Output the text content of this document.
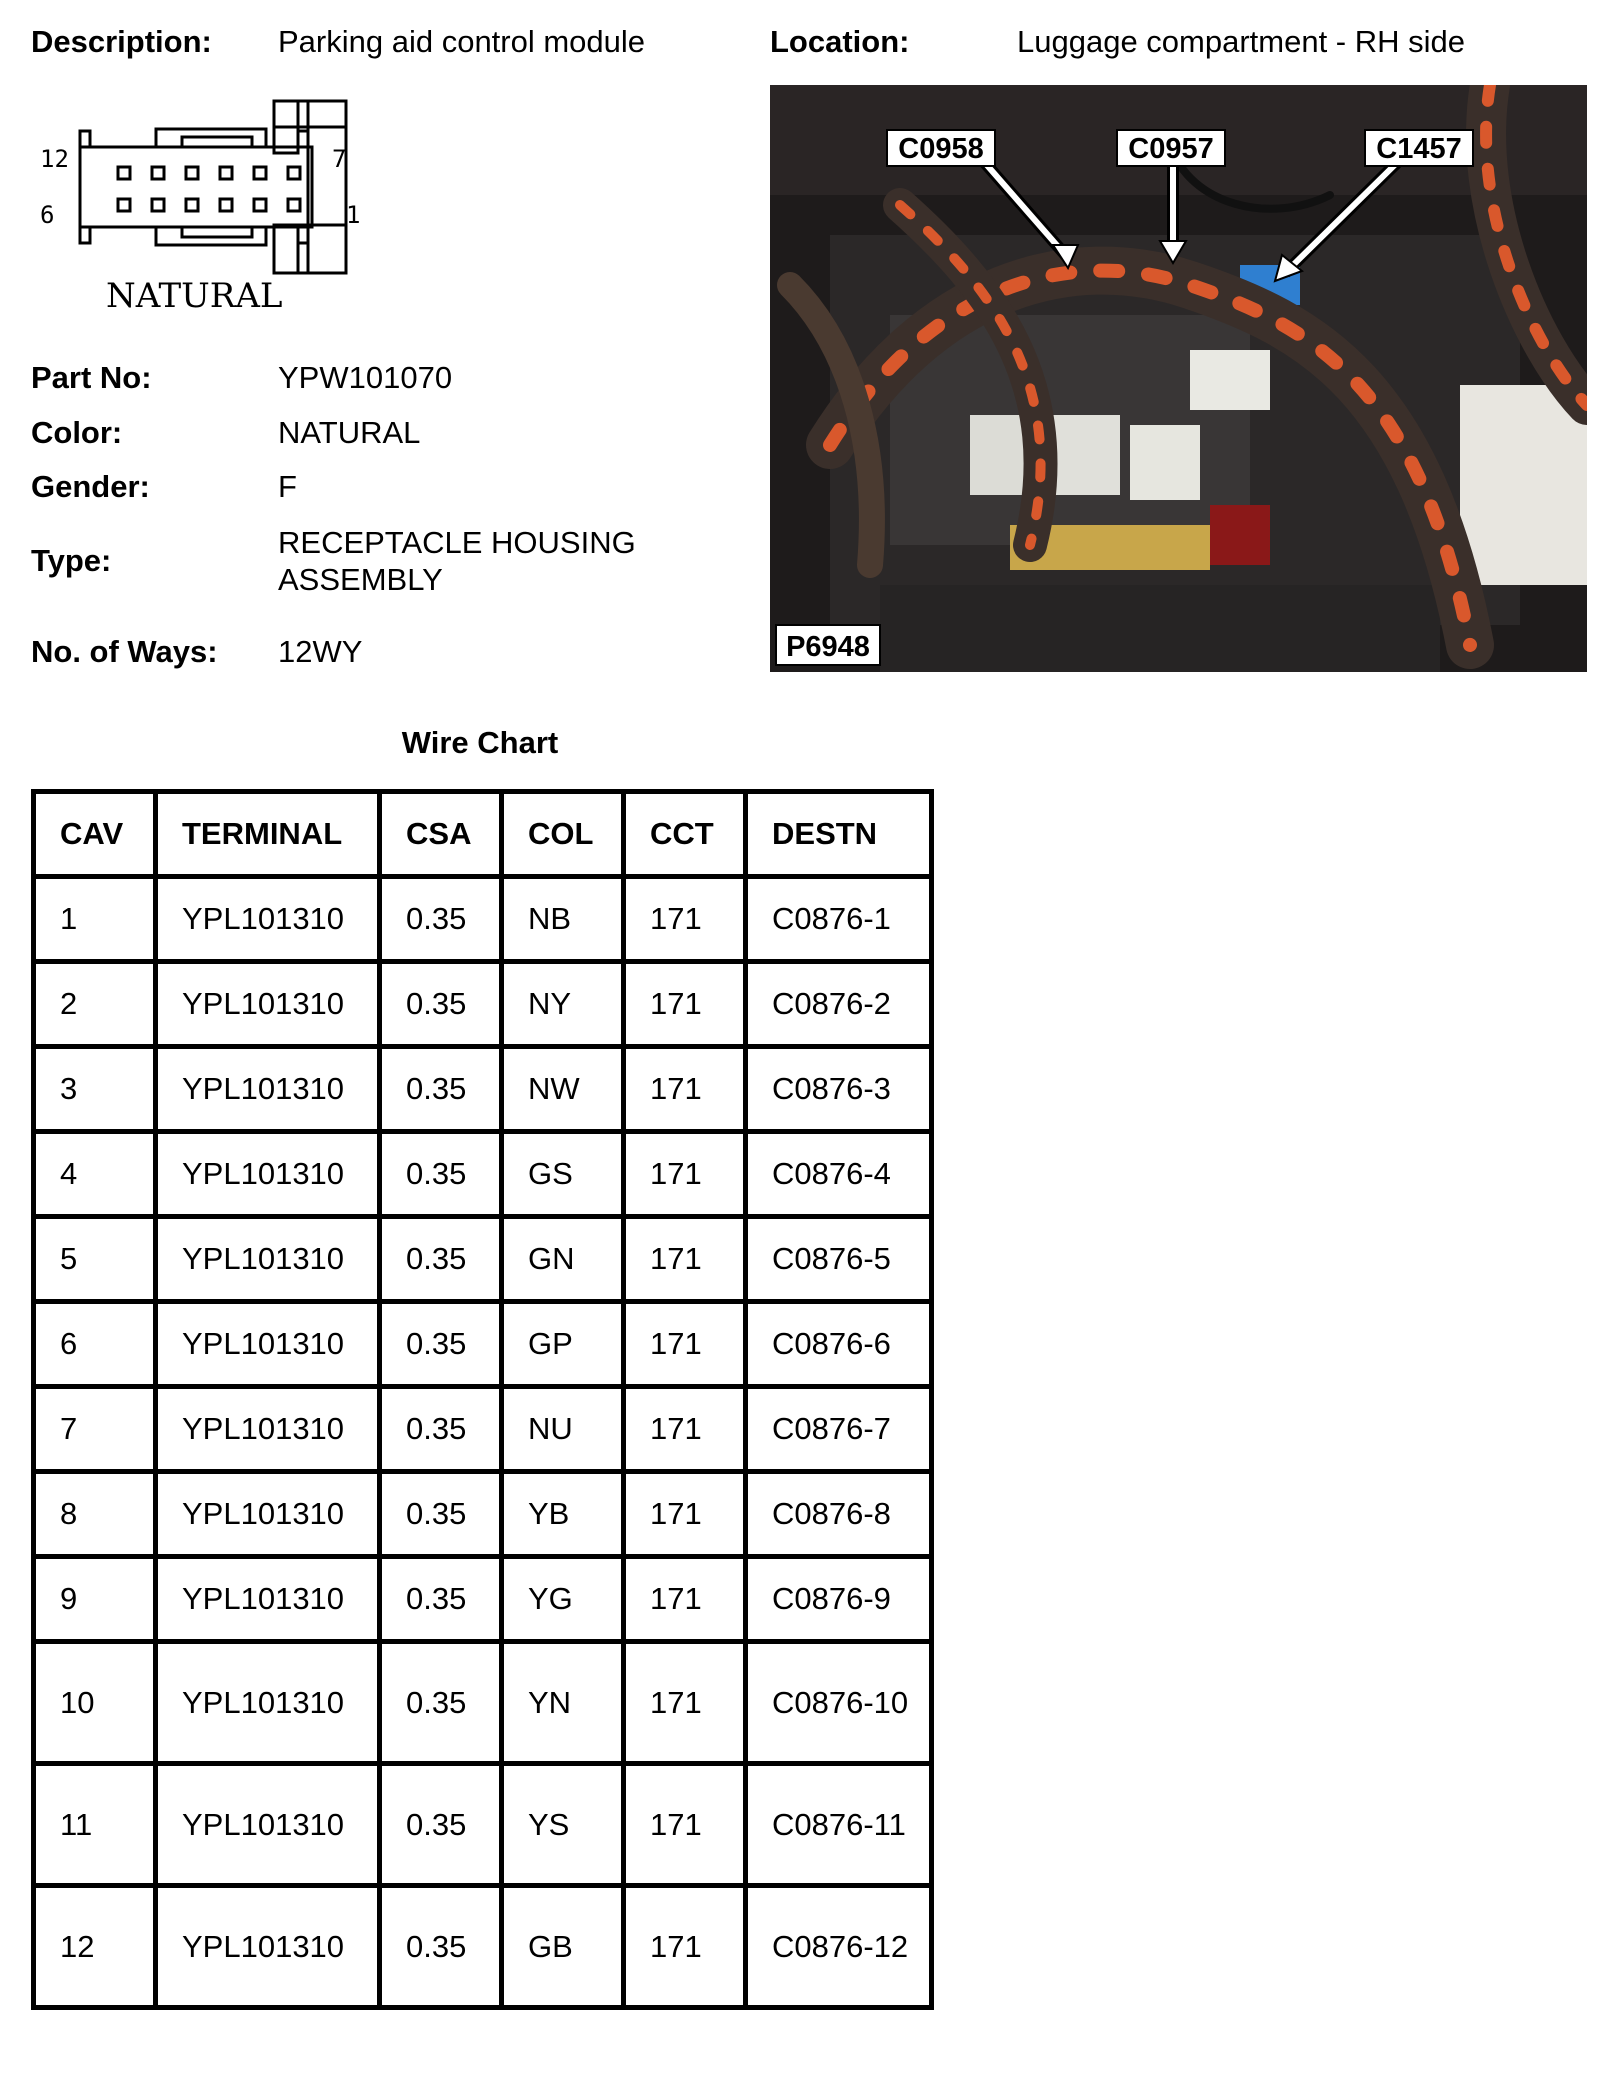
Description: Parking aid control module	Location:	Luggage compartment - RH side
12	7
6	1
NATURAL
Part No:	YPW101070
Color:	NATURAL
Gender:	F
Type:
RECEPTACLE HOUSING
ASSEMBLY
No. of Ways: 12WY
C0958	C0957	C1457
P6948
Wire Chart
CAV	TERMINAL	CSA	COL	CCT	DESTN
1	YPL101310	0.35	NB	171	C0876-1
2	YPL101310	0.35	NY	171	C0876-2
3	YPL101310	0.35	NW	171	C0876-3
4	YPL101310	0.35	GS	171	C0876-4
5	YPL101310	0.35	GN	171	C0876-5
6	YPL101310	0.35	GP	171	C0876-6
7	YPL101310	0.35	NU	171	C0876-7
8	YPL101310	0.35	YB	171	C0876-8
9	YPL101310	0.35	YG	171	C0876-9
10	YPL101310	0.35	YN	171	C0876-10
11	YPL101310	0.35	YS	171	C0876-11
12	YPL101310	0.35	GB	171	C0876-12
